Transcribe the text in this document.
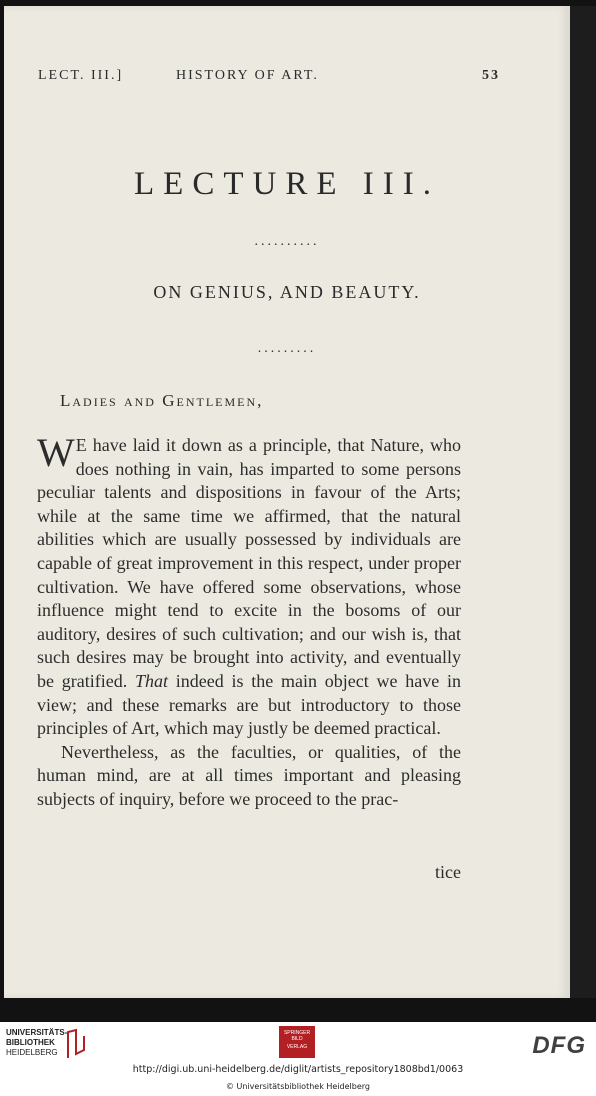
LECT. III.]	HISTORY OF ART.	53
LECTURE III.
..........
ON GENIUS, AND BEAUTY.
.........
Ladies and Gentlemen,

W E have laid it down as a principle, that Nature, who does nothing in vain, has imparted to some persons peculiar talents and dispositions in favour of the Arts; while at the same time we affirmed, that the natural abilities which are usually possessed by individuals are capable of great improvement in this respect, under proper cultivation. We have offered some observations, whose influence might tend to excite in the bosoms of our auditory, desires of such cultivation; and our wish is, that such desires may be brought into activity, and eventually be gratified. That indeed is the main object we have in view; and these remarks are but introductory to those principles of Art, which may justly be deemed practical.

Nevertheless, as the faculties, or qualities, of the human mind, are at all times important and pleasing subjects of inquiry, before we proceed to the prac-

tice
UNIVERSITÄTS-
BIBLIOTHEK
HEIDELBERG
SPRINGER BILD
VERLAG	DFG
http://digi.ub.uni-heidelberg.de/diglit/artists_repository1808bd1/0063
© Universitätsbibliothek Heidelberg
